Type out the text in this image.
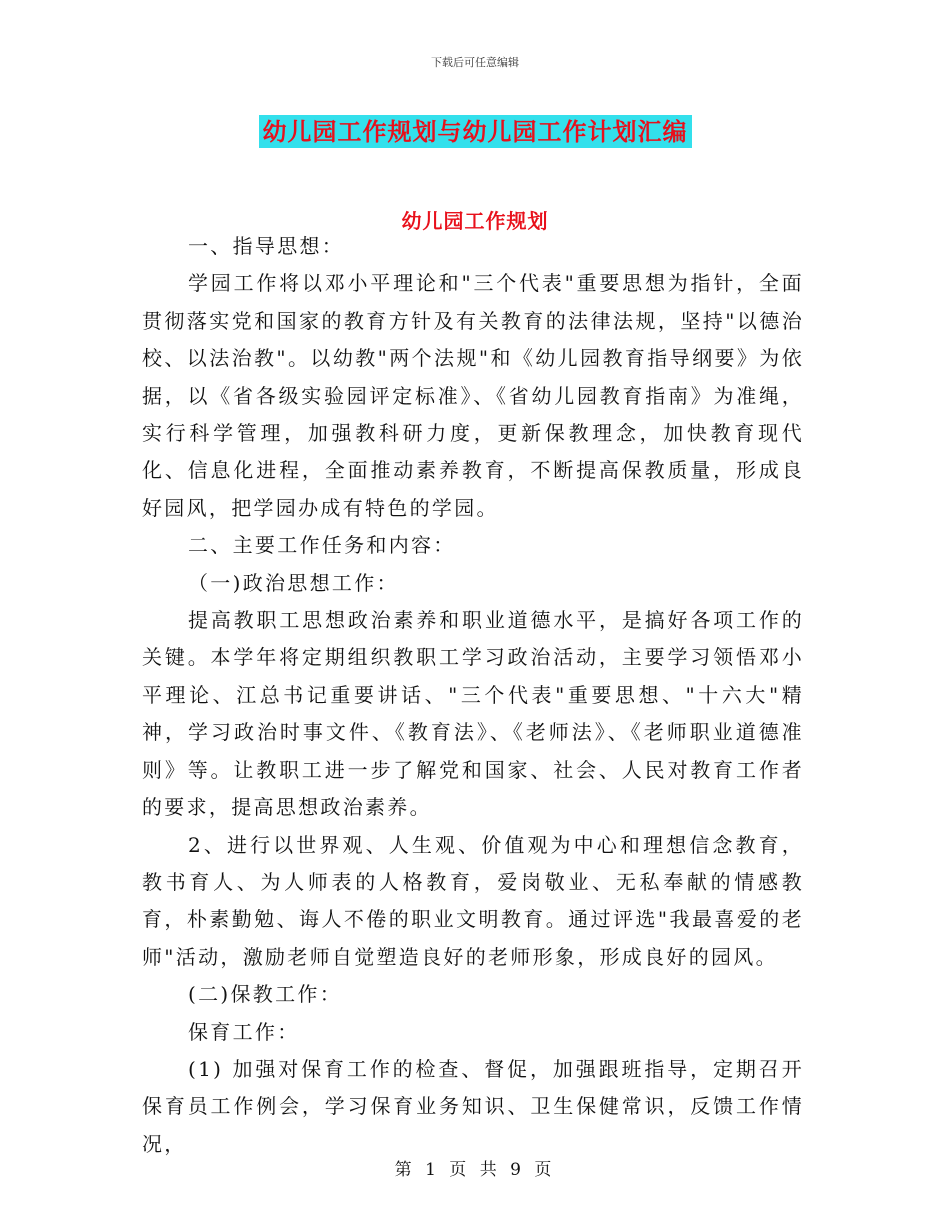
下载后可任意编辑
幼儿园工作规划与幼儿园工作计划汇编
幼儿园工作规划

一、指导思想：

学园工作将以邓小平理论和"三个代表"重要思想为指针，全面贯彻落实党和国家的教育方针及有关教育的法律法规，坚持"以德治校、以法治教"。以幼教"两个法规"和《幼儿园教育指导纲要》为依据，以《省各级实验园评定标准》、《省幼儿园教育指南》为准绳，实行科学管理，加强教科研力度，更新保教理念，加快教育现代化、信息化进程，全面推动素养教育，不断提高保教质量，形成良好园风，把学园办成有特色的学园。

二、主要工作任务和内容：

（一)政治思想工作：

提高教职工思想政治素养和职业道德水平，是搞好各项工作的关键。本学年将定期组织教职工学习政治活动，主要学习领悟邓小平理论、江总书记重要讲话、"三个代表"重要思想、"十六大"精神，学习政治时事文件、《教育法》、《老师法》、《老师职业道德准则》等。让教职工进一步了解党和国家、社会、人民对教育工作者的要求，提高思想政治素养。

2、进行以世界观、人生观、价值观为中心和理想信念教育，教书育人、为人师表的人格教育，爱岗敬业、无私奉献的情感教育，朴素勤勉、诲人不倦的职业文明教育。通过评选"我最喜爱的老师"活动，激励老师自觉塑造良好的老师形象，形成良好的园风。

(二)保教工作：

保育工作：

(1) 加强对保育工作的检查、督促，加强跟班指导，定期召开保育员工作例会，学习保育业务知识、卫生保健常识，反馈工作情况，

第 1 页 共 9 页
